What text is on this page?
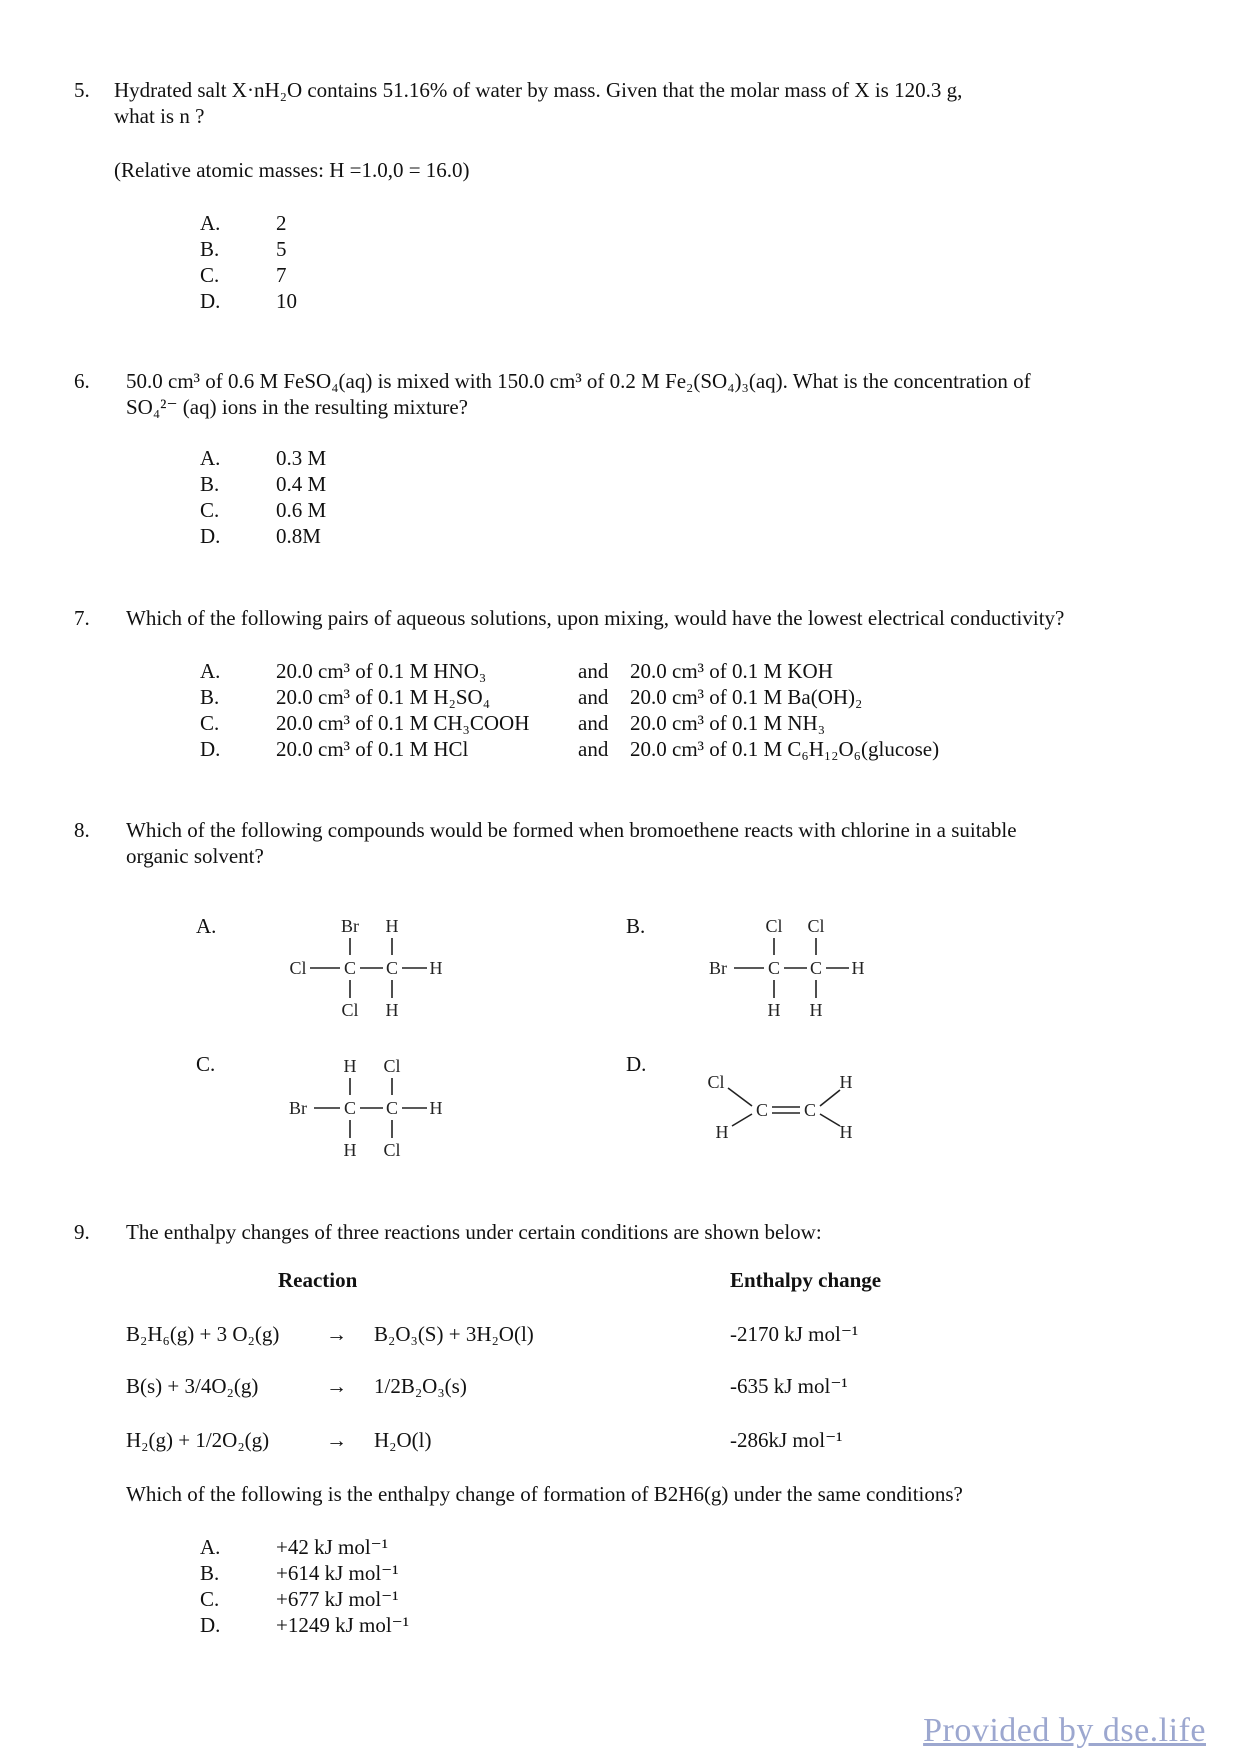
5. Hydrated salt X·nH₂O contains 51.16% of water by mass. Given that the molar mass of X is 120.3 g,
what is n ?
(Relative atomic masses: H =1.0,0 = 16.0)
A.	2
B.	5
C.	7
D.	10
6. 50.0 cm³ of 0.6 M FeSO₄(aq) is mixed with 150.0 cm³ of 0.2 M Fe₂(SO₄)₃(aq). What is the concentration of
SO₄²⁻ (aq) ions in the resulting mixture?
A.	0.3 M
B.	0.4 M
C.	0.6 M
D.	0.8M
7. Which of the following pairs of aqueous solutions, upon mixing, would have the lowest electrical conductivity?
A.	20.0 cm³ of 0.1 M HNO₃	and 20.0 cm³ of 0.1 M KOH
B.	20.0 cm³ of 0.1 M H₂SO₄	and 20.0 cm³ of 0.1 M Ba(OH)₂
C.	20.0 cm³ of 0.1 M CH₃COOH and 20.0 cm³ of 0.1 M NH₃
D.	20.0 cm³ of 0.1 M HCl	and 20.0 cm³ of 0.1 M C₆H₁₂O₆(glucose)
8. Which of the following compounds would be formed when bromoethene reacts with chlorine in a suitable
organic solvent?
A.	Br H
Cl C C H
Cl H
B.	Cl Cl
Br C C H
H H
C.	H Cl
Br C C H
H Cl
D.
Cl
H
H
H
C C
9. The enthalpy changes of three reactions under certain conditions are shown below:
Reaction	Enthalpy change
B₂H₆(g) + 3 O₂(g) → B₂O₃(S) + 3H₂O(l)	-2170 kJ mol⁻¹
B(s) + 3/4O₂(g)	→ 1/2B₂O₃(s)	-635 kJ mol⁻¹
H₂(g) + 1/2O₂(g)	→ H₂O(l)	-286kJ mol⁻¹
Which of the following is the enthalpy change of formation of B2H6(g) under the same conditions?
A.	+42 kJ mol⁻¹
B.	+614 kJ mol⁻¹
C.	+677 kJ mol⁻¹
D.	+1249 kJ mol⁻¹
Provided by dse.life
